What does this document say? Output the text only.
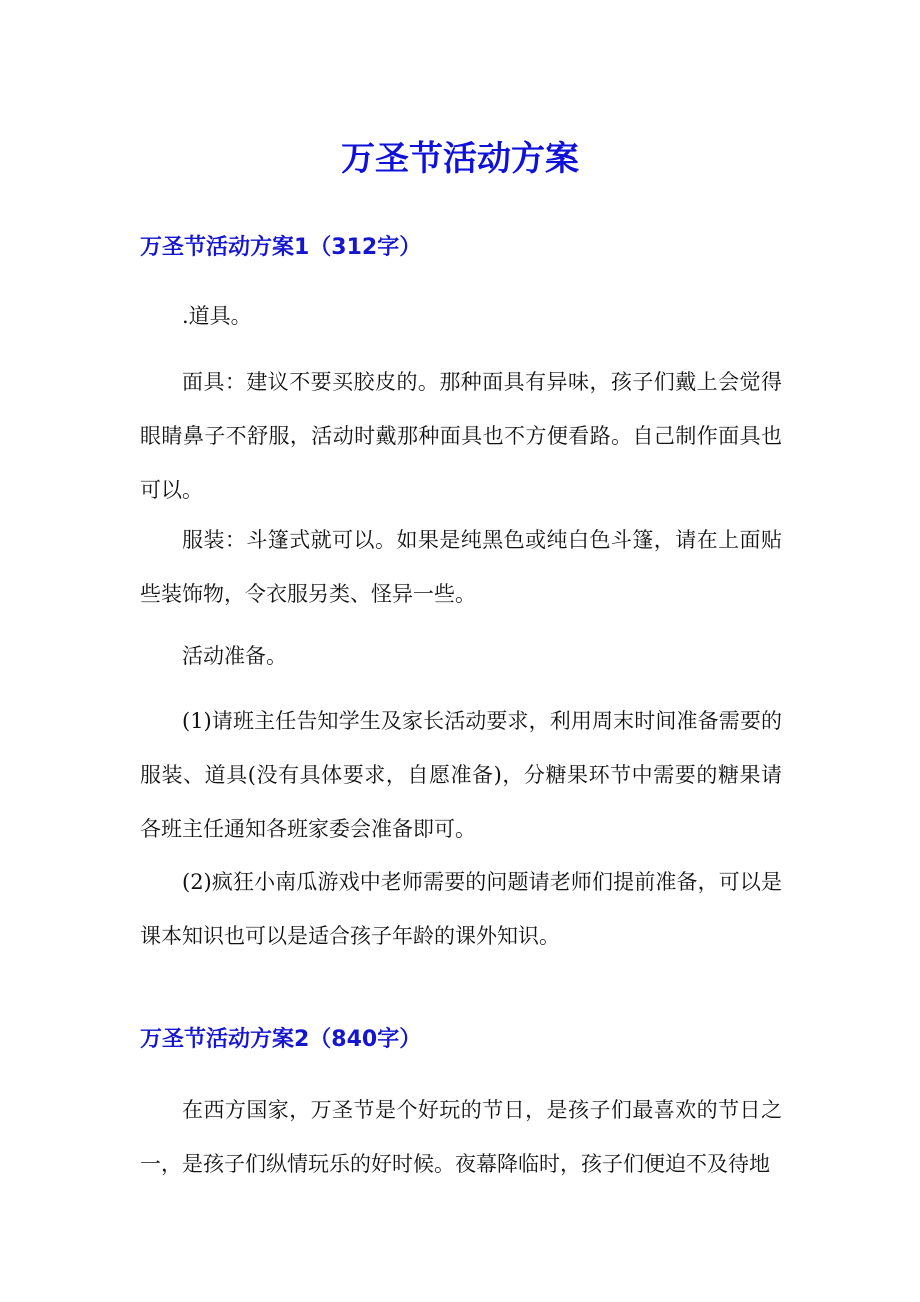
万圣节活动方案
万圣节活动方案1（312字）

.道具。

面具：建议不要买胶皮的。那种面具有异味，孩子们戴上会觉得眼睛鼻子不舒服，活动时戴那种面具也不方便看路。自己制作面具也可以。

服装：斗篷式就可以。如果是纯黑色或纯白色斗篷，请在上面贴些装饰物，令衣服另类、怪异一些。

活动准备。

(1)请班主任告知学生及家长活动要求，利用周末时间准备需要的服装、道具(没有具体要求，自愿准备)，分糖果环节中需要的糖果请各班主任通知各班家委会准备即可。

(2)疯狂小南瓜游戏中老师需要的问题请老师们提前准备，可以是课本知识也可以是适合孩子年龄的课外知识。

万圣节活动方案2（840字）

在西方国家，万圣节是个好玩的节日，是孩子们最喜欢的节日之一，是孩子们纵情玩乐的好时候。夜幕降临时，孩子们便迫不及待地
